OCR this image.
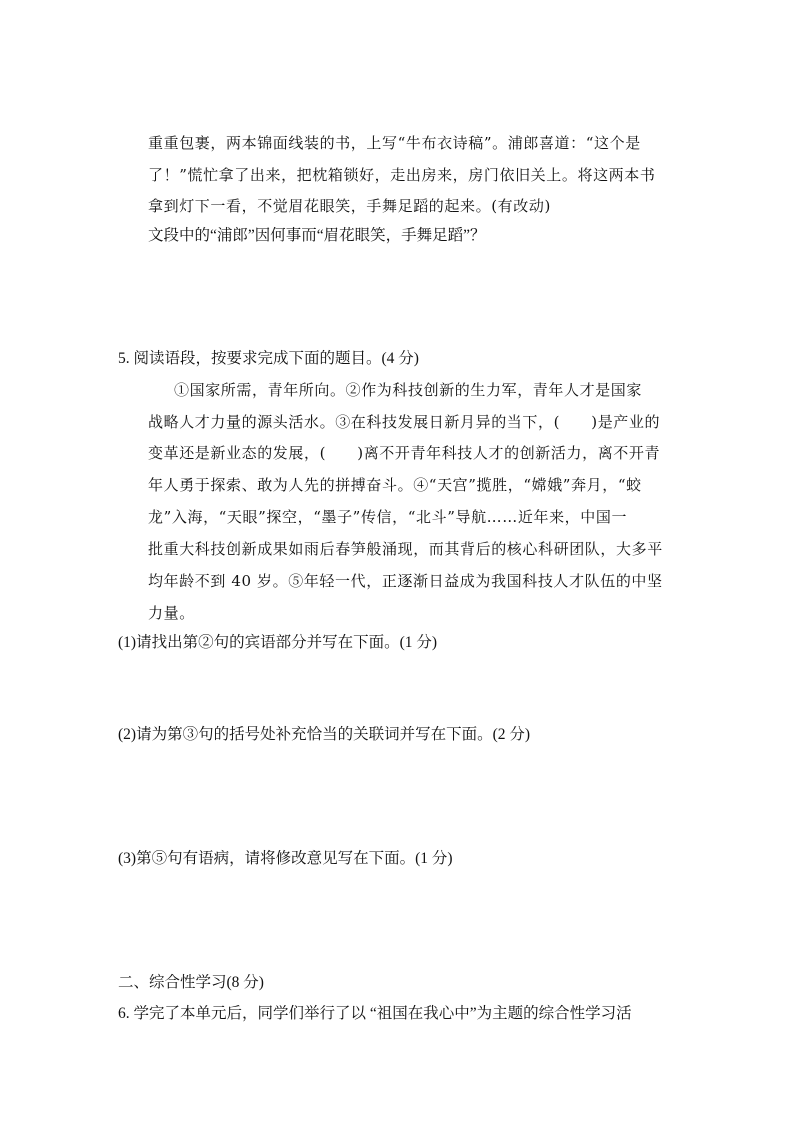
重重包裹，两本锦面线装的书，上写“牛布衣诗稿”。浦郎喜道：“这个是
了！”慌忙拿了出来，把枕箱锁好，走出房来，房门依旧关上。将这两本书
拿到灯下一看，不觉眉花眼笑，手舞足蹈的起来。(有改动)
文段中的“浦郎”因何事而“眉花眼笑，手舞足蹈”？
5. 阅读语段，按要求完成下面的题目。(4 分)
①国家所需，青年所向。②作为科技创新的生力军，青年人才是国家
战略人才力量的源头活水。③在科技发展日新月异的当下，(　　)是产业的
变革还是新业态的发展，(　　)离不开青年科技人才的创新活力，离不开青
年人勇于探索、敢为人先的拼搏奋斗。④“天宫”揽胜，“嫦娥”奔月，“蛟
龙”入海，“天眼”探空，“墨子”传信，“北斗”导航……近年来，中国一
批重大科技创新成果如雨后春笋般涌现，而其背后的核心科研团队，大多平
均年龄不到 40 岁。⑤年轻一代，正逐渐日益成为我国科技人才队伍的中坚
力量。
(1)请找出第②句的宾语部分并写在下面。(1 分)
(2)请为第③句的括号处补充恰当的关联词并写在下面。(2 分)
(3)第⑤句有语病，请将修改意见写在下面。(1 分)
二、综合性学习(8 分)
6. 学完了本单元后，同学们举行了以 “祖国在我心中”为主题的综合性学习活
